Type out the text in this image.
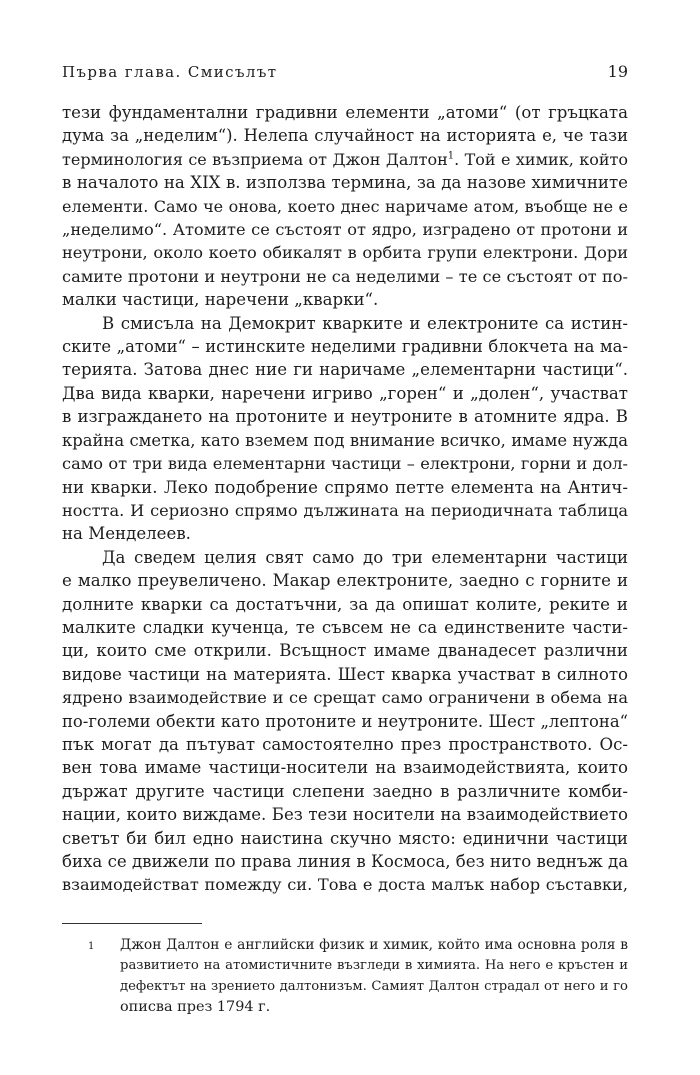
Първа глава. Смисълът	19
тези фундаментални градивни елементи „атоми“ (от гръцката
дума за „неделим“). Нелепа случайност на историята е, че тази
терминология се възприема от Джон Далтон$^1$. Той е химик, който
в началото на XIX в. използва термина, за да назове химичните
елементи. Само че онова, което днес наричаме атом, въобще не е
„неделимо“. Атомите се състоят от ядро, изградено от протони и
неутрони, около което обикалят в орбита групи електрони. Дори
самите протони и неутрони не са неделими – те се състоят от по-
малки частици, наречени „кварки“.
В смисъла на Демокрит кварките и електроните са истин-
ските „атоми“ – истинските неделими градивни блокчета на ма-
терията. Затова днес ние ги наричаме „елементарни частици“.
Два вида кварки, наречени игриво „горен“ и „долен“, участват
в изграждането на протоните и неутроните в атомните ядра. В
крайна сметка, като вземем под внимание всичко, имаме нужда
само от три вида елементарни частици – електрони, горни и дол-
ни кварки. Леко подобрение спрямо петте елемента на Антич-
ността. И сериозно спрямо дължината на периодичната таблица
на Менделеев.
Да сведем целия свят само до три елементарни частици
е малко преувеличено. Макар електроните, заедно с горните и
долните кварки са достатъчни, за да опишат колите, реките и
малките сладки кученца, те съвсем не са единствените части-
ци, които сме открили. Всъщност имаме дванадесет различни
видове частици на материята. Шест кварка участват в силното
ядрено взаимодействие и се срещат само ограничени в обема на
по-големи обекти като протоните и неутроните. Шест „лептона“
пък могат да пътуват самостоятелно през пространството. Ос-
вен това имаме частици-носители на взаимодействията, които
държат другите частици слепени заедно в различните комби-
нации, които виждаме. Без тези носители на взаимодействието
светът би бил едно наистина скучно място: единични частици
биха се движели по права линия в Космоса, без нито веднъж да
взаимодействат помежду си. Това е доста малък набор съставки,
1 Джон Далтон е английски физик и химик, който има основна роля в
развитието на атомистичните възгледи в химията. На него е кръстен и
дефектът на зрението далтонизъм. Самият Далтон страдал от него и го
описва през 1794 г.
